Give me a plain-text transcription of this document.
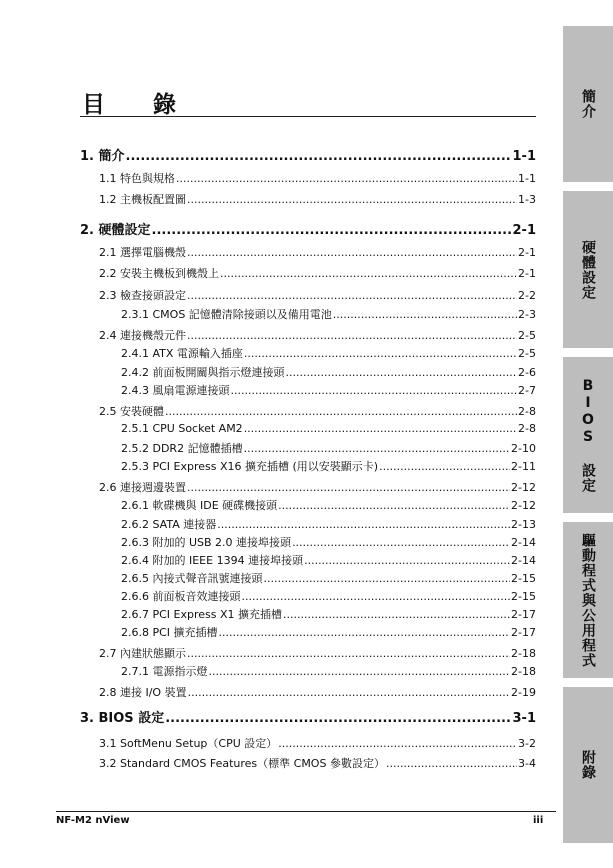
目 錄
1. 簡介 .....	1-1
1.1 特色與規格 .....	1-1
1.2 主機板配置圖 .....	1-3
2. 硬體設定 .....	2-1
2.1 選擇電腦機殼 .....	2-1
2.2 安裝主機板到機殼上 .....	2-1
2.3 檢查接頭設定 .....	2-2
2.3.1 CMOS 記憶體清除接頭以及備用電池 .....	2-3
2.4 連接機殼元件 .....	2-5
2.4.1 ATX 電源輸入插座 .....	2-5
2.4.2 前面板開關與指示燈連接頭 .....	2-6
2.4.3 風扇電源連接頭 .....	2-7
2.5 安裝硬體 .....	2-8
2.5.1 CPU Socket AM2 .....	2-8
2.5.2 DDR2 記憶體插槽 .....	2-10
2.5.3 PCI Express X16 擴充插槽 (用以安裝顯示卡) .....	2-11
2.6 連接週邊裝置 .....	2-12
2.6.1 軟碟機與 IDE 硬碟機接頭 .....	2-12
2.6.2 SATA 連接器 .....	2-13
2.6.3 附加的 USB 2.0 連接埠接頭 .....	2-14
2.6.4 附加的 IEEE 1394 連接埠接頭 .....	2-14
2.6.5 內接式聲音訊號連接頭 .....	2-15
2.6.6 前面板音效連接頭 .....	2-15
2.6.7 PCI Express X1 擴充插槽 .....	2-17
2.6.8 PCI 擴充插槽 .....	2-17
2.7 內建狀態顯示 .....	2-18
2.7.1 電源指示燈 .....	2-18
2.8 連接 I/O 裝置 .....	2-19
3. BIOS 設定 .....	3-1
3.1 SoftMenu Setup（CPU 設定） .....	3-2
3.2 Standard CMOS Features（標準 CMOS 參數設定） .....	3-4
NF-M2 nView	iii
簡介
硬體設定
BIOS 設定
驅動程式與公用程式
附錄
